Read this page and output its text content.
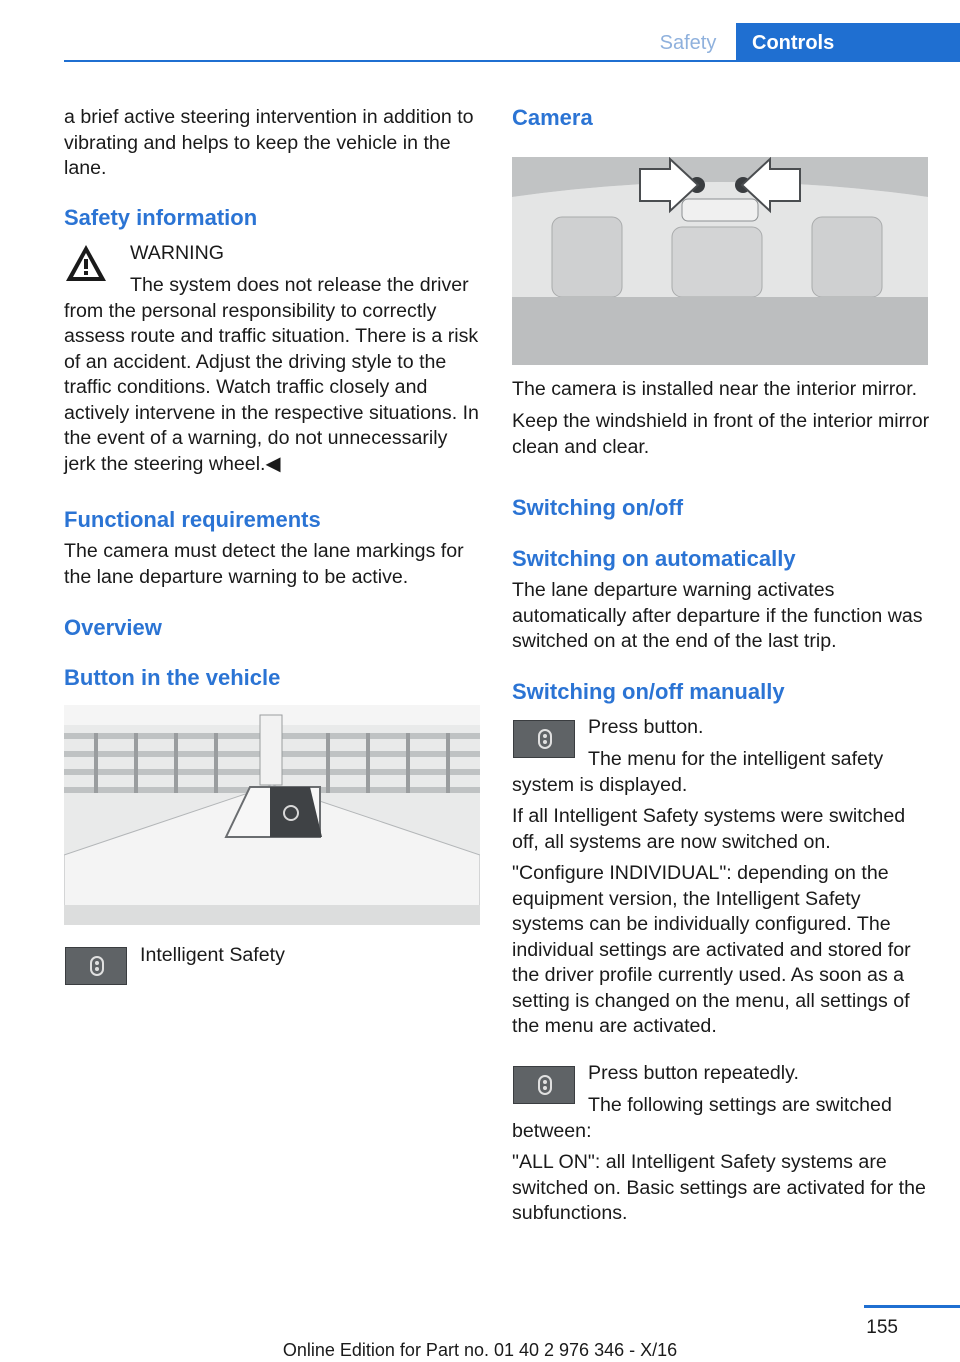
Safety	Controls

a brief active steering intervention in addition to vibrating and helps to keep the vehicle in the lane.

Safety information

WARNING

The system does not release the driver from the personal responsibility to correctly assess route and traffic situation. There is a risk of an accident. Adjust the driving style to the traffic conditions. Watch traffic closely and actively intervene in the respective situations. In the event of a warning, do not unnecessarily jerk the steering wheel.◀

Functional requirements

The camera must detect the lane markings for the lane departure warning to be active.

Overview
Button in the vehicle

Intelligent Safety

Camera

The camera is installed near the interior mirror.

Keep the windshield in front of the interior mirror clean and clear.

Switching on/off
Switching on automatically

The lane departure warning activates automatically after departure if the function was switched on at the end of the last trip.

Switching on/off manually

Press button.

The menu for the intelligent safety system is displayed.

If all Intelligent Safety systems were switched off, all systems are now switched on.

"Configure INDIVIDUAL": depending on the equipment version, the Intelligent Safety systems can be individually configured. The individual settings are activated and stored for the driver profile currently used. As soon as a setting is changed on the menu, all settings of the menu are activated.

Press button repeatedly.

The following settings are switched between:

"ALL ON": all Intelligent Safety systems are switched on. Basic settings are activated for the subfunctions.

155
Online Edition for Part no. 01 40 2 976 346 - X/16
